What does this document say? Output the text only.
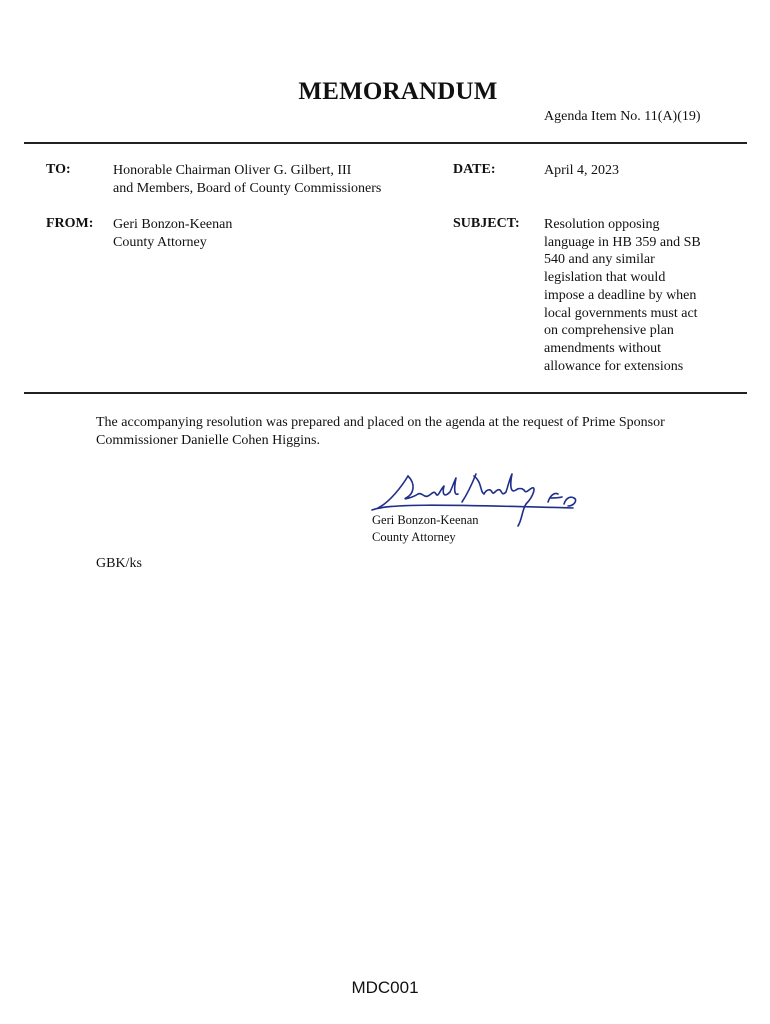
MEMORANDUM
Agenda Item No. 11(A)(19)
TO:	Honorable Chairman Oliver G. Gilbert, III
and Members, Board of County Commissioners
DATE:	April 4, 2023
FROM: Geri Bonzon-Keenan
County Attorney
SUBJECT: Resolution opposing
language in HB 359 and SB
540 and any similar
legislation that would
impose a deadline by when
local governments must act
on comprehensive plan
amendments without
allowance for extensions
The accompanying resolution was prepared and placed on the agenda at the request of Prime Sponsor Commissioner Danielle Cohen Higgins.
Geri Bonzon-Keenan
County Attorney
GBK/ks
MDC001
